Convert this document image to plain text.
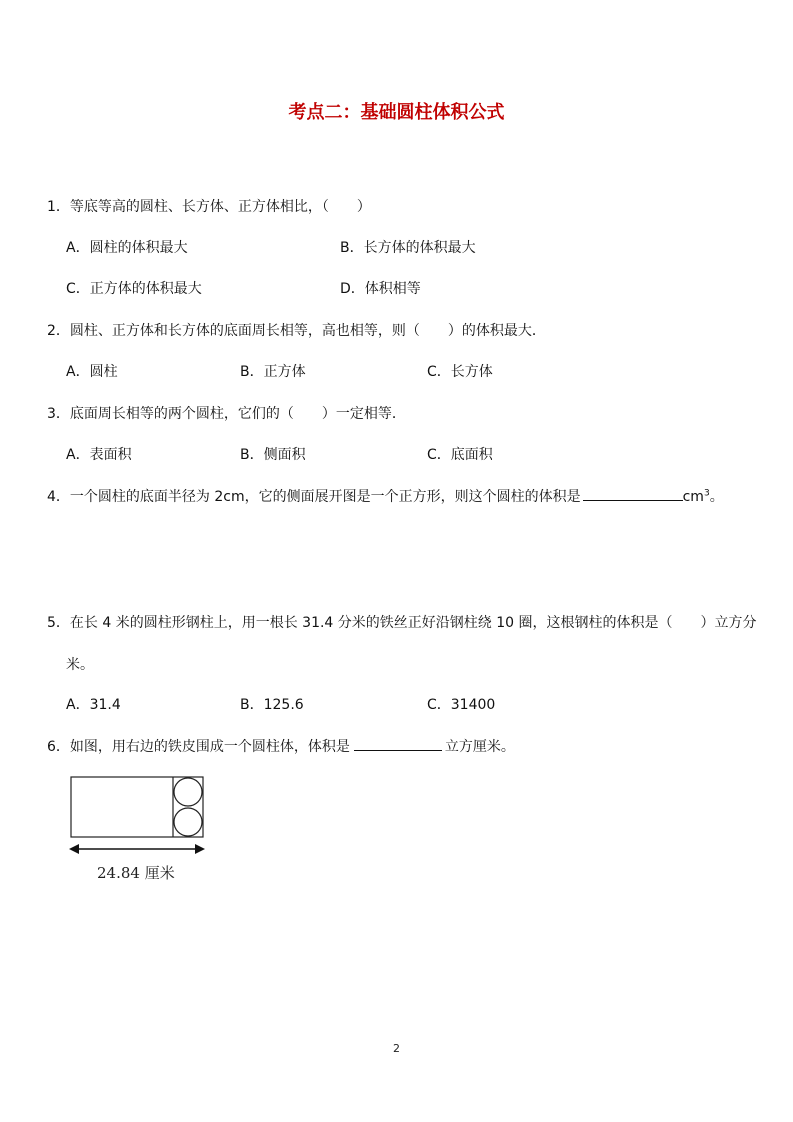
考点二：基础圆柱体积公式
1．等底等高的圆柱、长方体、正方体相比，（　　）
A．圆柱的体积最大	B．长方体的体积最大
C．正方体的体积最大	D．体积相等
2．圆柱、正方体和长方体的底面周长相等，高也相等，则（　　）的体积最大．
A．圆柱	B．正方体	C．长方体
3．底面周长相等的两个圆柱，它们的（　　）一定相等．
A．表面积	B．侧面积	C．底面积
4．一个圆柱的底面半径为 2cm，它的侧面展开图是一个正方形，则这个圆柱的体积是	$cm^3$。
5．在长 4 米的圆柱形钢柱上，用一根长 31.4 分米的铁丝正好沿钢柱绕 10 圈，这根钢柱的体积是（　　）立方分
米。
A．31.4	B．125.6	C．31400
6．如图，用右边的铁皮围成一个圆柱体，体积是	立方厘米。
24.84 厘米
2
